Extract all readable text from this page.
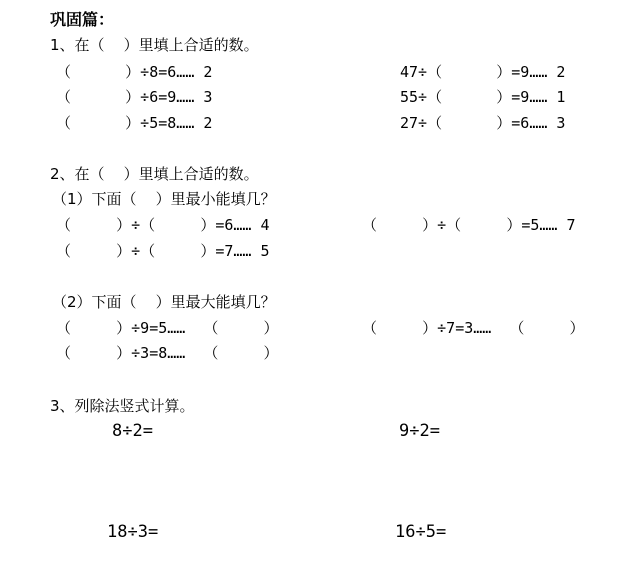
巩固篇：
1、在（    ）里填上合适的数。
（      ）÷8=6…… 2	47÷（      ）=9…… 2
（      ）÷6=9…… 3	55÷（      ）=9…… 1
（      ）÷5=8…… 2	27÷（      ）=6…… 3
2、在（    ）里填上合适的数。
（1）下面（    ）里最小能填几？
（     ）÷（     ）=6…… 4	（     ）÷（     ）=5…… 7
（     ）÷（     ）=7…… 5
（2）下面（    ）里最大能填几？
（     ）÷9=5……  （     ）	（     ）÷7=3……  （     ）
（     ）÷3=8……  （     ）
3、列除法竖式计算。
8÷2=	9÷2=
18÷3=	16÷5=
